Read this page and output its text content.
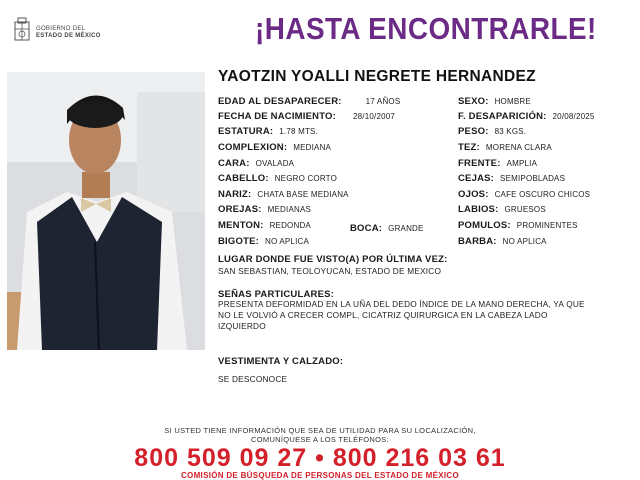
GOBIERNO DEL
ESTADO DE MÉXICO	¡HASTA ENCONTRARLE!
YAOTZIN YOALLI NEGRETE HERNANDEZ
EDAD AL DESAPARECER:	17 AÑOS
FECHA DE NACIMIENTO: 28/10/2007
ESTATURA: 1.78 MTS.
COMPLEXION: MEDIANA
CARA: OVALADA
CABELLO: NEGRO CORTO
NARIZ: CHATA BASE MEDIANA
OREJAS: MEDIANAS
MENTON: REDONDA	BOCA: GRANDE
BIGOTE: NO APLICA
SEXO: HOMBRE
F. DESAPARICIÓN: 20/08/2025
PESO: 83 KGS.
TEZ: MORENA CLARA
FRENTE: AMPLIA
CEJAS: SEMIPOBLADAS
OJOS: CAFE OSCURO CHICOS
LABIOS: GRUESOS
POMULOS: PROMINENTES
BARBA: NO APLICA
LUGAR DONDE FUE VISTO(A) POR ÚLTIMA VEZ:
SAN SEBASTIAN, TEOLOYUCAN, ESTADO DE MEXICO
SEÑAS PARTICULARES:
PRESENTA DEFORMIDAD EN LA UÑA DEL DEDO ÍNDICE DE LA MANO DERECHA, YA QUE
NO LE VOLVIÓ A CRECER COMPL, CICATRIZ QUIRURGICA EN LA CABEZA LADO
IZQUIERDO
VESTIMENTA Y CALZADO:
SE DESCONOCE
SI USTED TIENE INFORMACIÓN QUE SEA DE UTILIDAD PARA SU LOCALIZACIÓN,
COMUNÍQUESE A LOS TELÉFONOS:
800 509 09 27 • 800 216 03 61
COMISIÓN DE BÚSQUEDA DE PERSONAS DEL ESTADO DE MÉXICO
